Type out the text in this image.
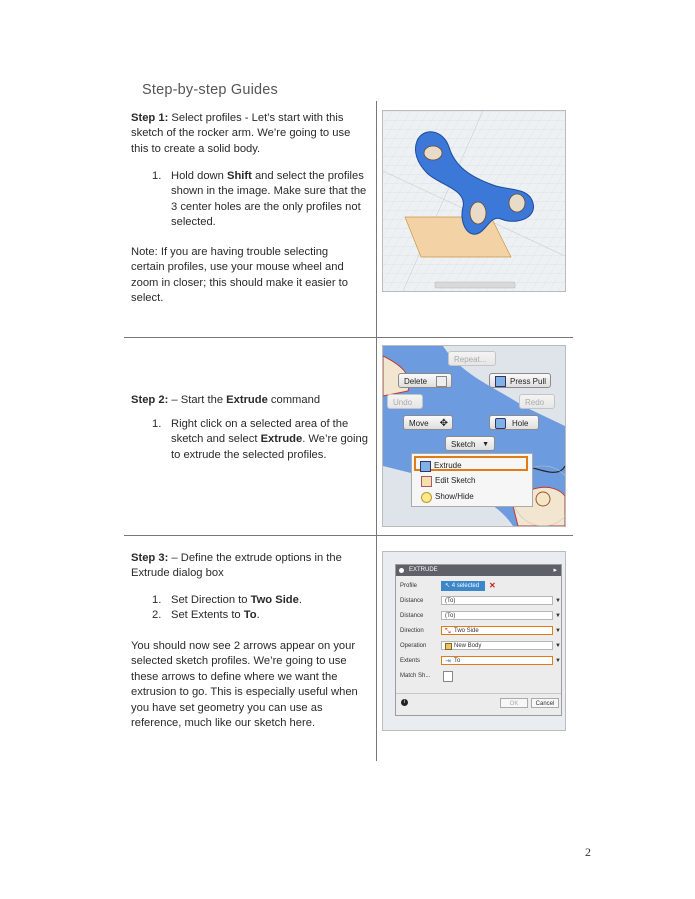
Step-by-step Guides
Step 1: Select profiles - Let’s start with this sketch of the rocker arm. We’re going to use this to create a solid body.
1. Hold down Shift and select the profiles shown in the image. Make sure that the 3 center holes are the only profiles not selected.
Note: If you are having trouble selecting certain profiles, use your mouse wheel and zoom in closer; this should make it easier to select.
Step 2: – Start the Extrude command
1. Right click on a selected area of the sketch and select Extrude. We’re going to extrude the selected profiles.
Repeat...
Delete	Press Pull
Undo	Redo
Move ✥	Hole
Sketch ▼
Extrude
Edit Sketch
Show/Hide
Step 3: – Define the extrude options in the Extrude dialog box
1. Set Direction to Two Side.
2. Set Extents to To.
You should now see 2 arrows appear on your selected sketch profiles. We’re going to use these arrows to define where we want the extrusion to go. This is especially useful when you have set geometry you can use as reference, much like our sketch here.
EXTRUDE	▸
Profile	↖ 4 selected	✕
Distance	(To)	▼
Distance	(To)	▼
Direction	⤡ Two Side	▼
Operation	New Body	▼
Extents	⇥ To	▼
Match Sh...
i	OK	Cancel
2
